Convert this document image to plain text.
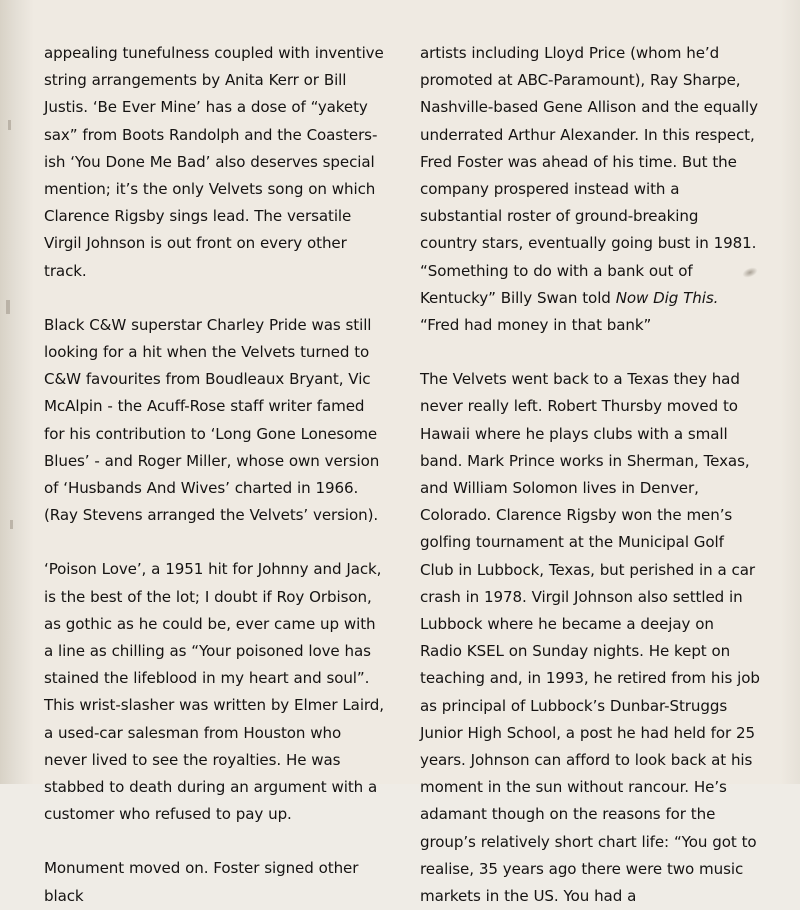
appealing tunefulness coupled with inventive string arrangements by Anita Kerr or Bill Justis. ‘Be Ever Mine’ has a dose of “yakety sax” from Boots Randolph and the Coasters-ish ‘You Done Me Bad’ also deserves special mention; it’s the only Velvets song on which Clarence Rigsby sings lead. The versatile Virgil Johnson is out front on every other track.

Black C&W superstar Charley Pride was still looking for a hit when the Velvets turned to C&W favourites from Boudleaux Bryant, Vic McAlpin - the Acuff-Rose staff writer famed for his contribution to ‘Long Gone Lonesome Blues’ - and Roger Miller, whose own version of ‘Husbands And Wives’ charted in 1966. (Ray Stevens arranged the Velvets’ version).

‘Poison Love’, a 1951 hit for Johnny and Jack, is the best of the lot; I doubt if Roy Orbison, as gothic as he could be, ever came up with a line as chilling as “Your poisoned love has stained the lifeblood in my heart and soul”.
This wrist-slasher was written by Elmer Laird, a used-car salesman from Houston who never lived to see the royalties. He was stabbed to death during an argument with a customer who refused to pay up.

Monument moved on. Foster signed other black

artists including Lloyd Price (whom he’d promoted at ABC-Paramount), Ray Sharpe, Nashville-based Gene Allison and the equally underrated Arthur Alexander. In this respect, Fred Foster was ahead of his time. But the company prospered instead with a substantial roster of ground-breaking country stars, eventually going bust in 1981. “Something to do with a bank out of Kentucky” Billy Swan told Now Dig This. “Fred had money in that bank”

The Velvets went back to a Texas they had never really left. Robert Thursby moved to Hawaii where he plays clubs with a small band. Mark Prince works in Sherman, Texas, and William Solomon lives in Denver, Colorado. Clarence Rigsby won the men’s golfing tournament at the Municipal Golf Club in Lubbock, Texas, but perished in a car crash in 1978. Virgil Johnson also settled in Lubbock where he became a deejay on Radio KSEL on Sunday nights. He kept on teaching and, in 1993, he retired from his job as principal of Lubbock’s Dunbar-Struggs Junior High School, a post he had held for 25 years. Johnson can afford to look back at his moment in the sun without rancour. He’s adamant though on the reasons for the group’s relatively short chart life: “You got to realise, 35 years ago there were two music markets in the US. You had a
